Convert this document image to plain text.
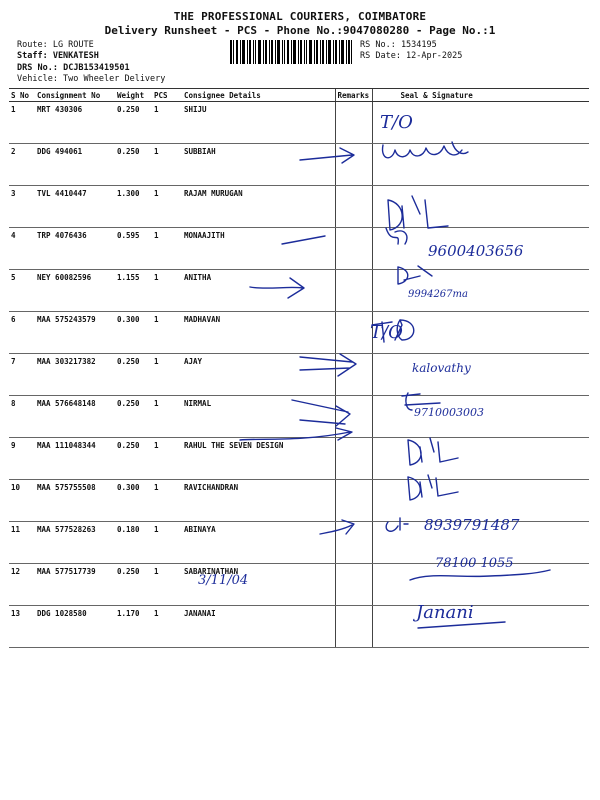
THE PROFESSIONAL COURIERS, COIMBATORE
Delivery Runsheet - PCS - Phone No.:9047080280 - Page No.:1
Route: LG ROUTE
Staff: VENKATESH
DRS No.: DCJB153419501
Vehicle: Two Wheeler Delivery
RS No.: 1534195
RS Date: 12-Apr-2025
S No	Consignment No	Weight	PCS	Consignee Details	Remarks	Seal & Signature
1	MRT 430306	0.250	1	SHIJU		
2	DDG 494061	0.250	1	SUBBIAH		
3	TVL 4410447	1.300	1	RAJAM MURUGAN		
4	TRP 4076436	0.595	1	MONAAJITH		
5	NEY 60082596	1.155	1	ANITHA		
6	MAA 575243579	0.300	1	MADHAVAN		
7	MAA 303217382	0.250	1	AJAY		
8	MAA 576648148	0.250	1	NIRMAL		
9	MAA 111048344	0.250	1	RAHUL THE SEVEN DESIGN		
10	MAA 575755508	0.300	1	RAVICHANDRAN		
11	MAA 577528263	0.180	1	ABINAYA		
12	MAA 577517739	0.250	1	SABARINATHAN		
13	DDG 1028580	1.170	1	JANANAI		
T/O
9600403656
9994267ma
T/O
kalovathy
9710003003
8939791487
3/11/04
78100 1055
Janani
